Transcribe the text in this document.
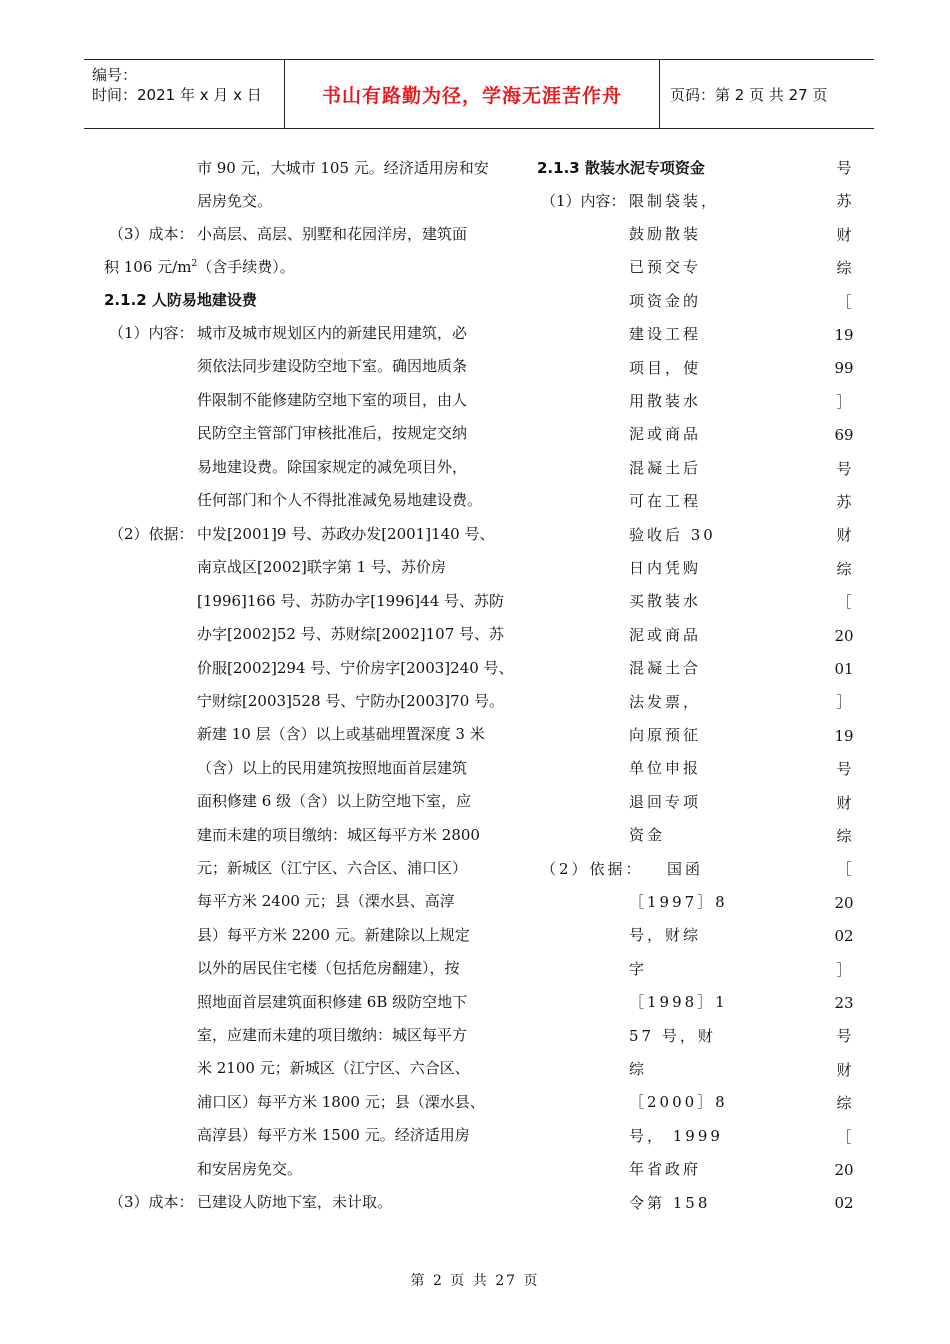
编号：
时间：2021 年 x 月 x 日	书山有路勤为径，学海无涯苦作舟	页码：第 2 页 共 27 页
市 90 元，大城市 105 元。经济适用房和安
居房免交。
（3）成本： 小高层、高层、别墅和花园洋房，建筑面
积 106 元$/m^2$（含手续费）。
2.1.2 人防易地建设费
（1）内容： 城市及城市规划区内的新建民用建筑，必
须依法同步建设防空地下室。确因地质条
件限制不能修建防空地下室的项目，由人
民防空主管部门审核批准后，按规定交纳
易地建设费。除国家规定的减免项目外，
任何部门和个人不得批准减免易地建设费。
（2）依据： 中发[2001]9 号、苏政办发[2001]140 号、
南京战区[2002]联字第 1 号、苏价房
[1996]166 号、苏防办字[1996]44 号、苏防
办字[2002]52 号、苏财综[2002]107 号、苏
价服[2002]294 号、宁价房字[2003]240 号、
宁财综[2003]528 号、宁防办[2003]70 号。
新建 10 层（含）以上或基础埋置深度 3 米
（含）以上的民用建筑按照地面首层建筑
面积修建 6 级（含）以上防空地下室，应
建而未建的项目缴纳：城区每平方米 2800
元；新城区（江宁区、六合区、浦口区）
每平方米 2400 元；县（溧水县、高淳
县）每平方米 2200 元。新建除以上规定
以外的居民住宅楼（包括危房翻建），按
照地面首层建筑面积修建 6B 级防空地下
室，应建而未建的项目缴纳：城区每平方
米 2100 元；新城区（江宁区、六合区、
浦口区）每平方米 1800 元；县（溧水县、
高淳县）每平方米 1500 元。经济适用房
和安居房免交。
（3）成本： 已建设人防地下室，未计取。
2.1.3 散装水泥专项资金
（1）内容： 限制袋装，
鼓励散装
已预交专
项资金的
建设工程
项目，使
用散装水
泥或商品
混凝土后
可在工程
验收后 30
日内凭购
买散装水
泥或商品
混凝土合
法发票，
向原预征
单位申报
退回专项
资金
（2）依据： 国函
［1997］8
号，财综
字
［1998］1
57 号，财
综
［2000］8
号， 1999
年省政府
令第 158
号
苏
财
综
［
19
99
］
69
号
苏
财
综
［
20
01
］
19
号
财
综
［
20
02
］
23
号
财
综
［
20
02
第 2 页 共 27 页
